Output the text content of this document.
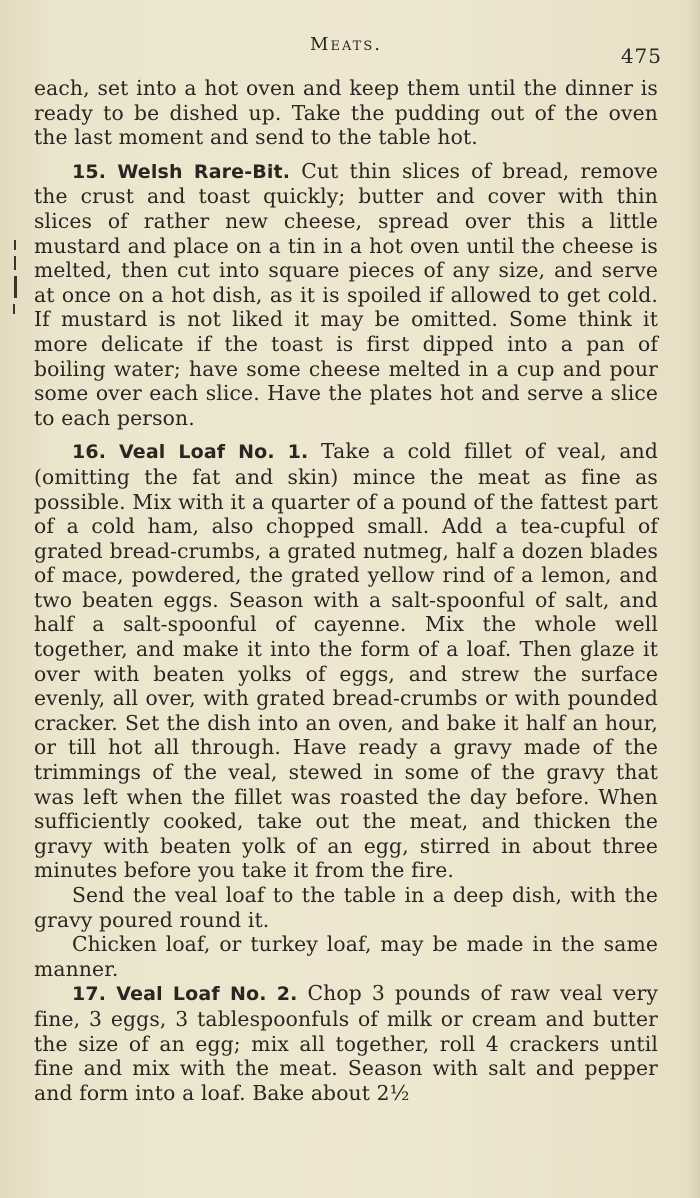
Meats.	475

each, set into a hot oven and keep them until the dinner is ready to be dished up. Take the pudding out of the oven the last moment and send to the table hot.

15. Welsh Rare-Bit. Cut thin slices of bread, remove the crust and toast quickly; butter and cover with thin slices of rather new cheese, spread over this a little mustard and place on a tin in a hot oven until the cheese is melted, then cut into square pieces of any size, and serve at once on a hot dish, as it is spoiled if allowed to get cold. If mustard is not liked it may be omitted. Some think it more delicate if the toast is first dipped into a pan of boiling water; have some cheese melted in a cup and pour some over each slice. Have the plates hot and serve a slice to each person.

16. Veal Loaf No. 1. Take a cold fillet of veal, and (omitting the fat and skin) mince the meat as fine as possible. Mix with it a quarter of a pound of the fattest part of a cold ham, also chopped small. Add a tea-cupful of grated bread-crumbs, a grated nutmeg, half a dozen blades of mace, powdered, the grated yellow rind of a lemon, and two beaten eggs. Season with a salt-spoonful of salt, and half a salt-spoonful of cayenne. Mix the whole well together, and make it into the form of a loaf. Then glaze it over with beaten yolks of eggs, and strew the surface evenly, all over, with grated bread-crumbs or with pounded cracker. Set the dish into an oven, and bake it half an hour, or till hot all through. Have ready a gravy made of the trimmings of the veal, stewed in some of the gravy that was left when the fillet was roasted the day before. When sufficiently cooked, take out the meat, and thicken the gravy with beaten yolk of an egg, stirred in about three minutes before you take it from the fire.

Send the veal loaf to the table in a deep dish, with the gravy poured round it.

Chicken loaf, or turkey loaf, may be made in the same manner.

17. Veal Loaf No. 2. Chop 3 pounds of raw veal very fine, 3 eggs, 3 tablespoonfuls of milk or cream and butter the size of an egg; mix all together, roll 4 crackers until fine and mix with the meat. Season with salt and pepper and form into a loaf. Bake about 2½
